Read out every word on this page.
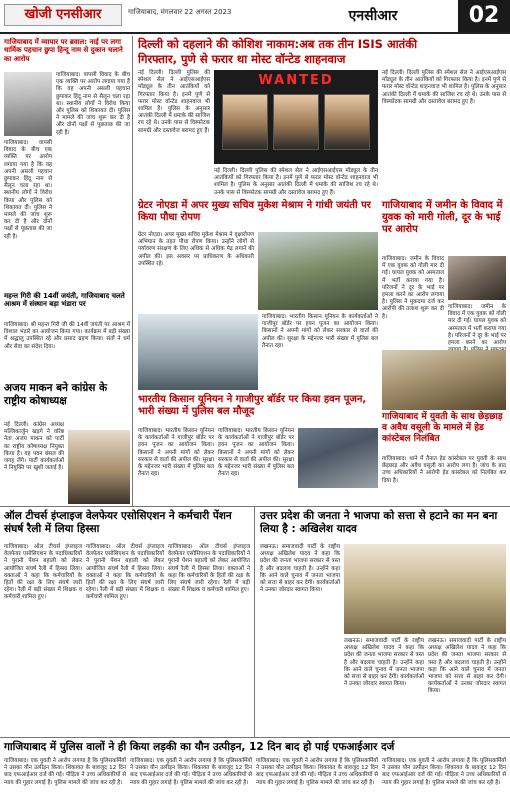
खोजी एनसीआर	गाजियाबाद, मंगलवार 22 अगस्त 2023	एनसीआर	02
गाजियाबाद में व्यापार पर ब्रवाल: नाई पर लगा धार्मिक पहचान छुपा हिन्दू नाम से दुकान चलाने का आरोप
गाजियाबाद। वापसी विवाद के बीच एक व्यक्ति पर आरोप लगाया गया है कि वह अपनी असली पहचान छुपाकर हिंदू नाम से सैलून चला रहा था। स्थानीय लोगों ने विरोध किया और पुलिस को शिकायत दी। पुलिस ने मामले की जांच शुरू कर दी है और दोनों पक्षों से पूछताछ की जा रही है।
गाजियाबाद। वापसी विवाद के बीच एक व्यक्ति पर आरोप लगाया गया है कि वह अपनी असली पहचान छुपाकर हिंदू नाम से सैलून चला रहा था। स्थानीय लोगों ने विरोध किया और पुलिस को शिकायत दी। पुलिस ने मामले की जांच शुरू कर दी है और दोनों पक्षों से पूछताछ की जा रही है।
महन्त गिरी की 14वीं जयंती, गाजियाबाद चलते आश्रम में संस्थान बड़ा भंडारा पर
गाजियाबाद। श्री महन्त गिरी जी की 14वीं जयंती पर आश्रम में विशाल भंडारे का आयोजन किया गया। कार्यक्रम में बड़ी संख्या में श्रद्धालु उपस्थित रहे और प्रसाद ग्रहण किया। संतों ने धर्म और सेवा का संदेश दिया।
अजय माकन बने कांग्रेस के राष्ट्रीय कोषाध्यक्ष
नई दिल्ली। कांग्रेस अध्यक्ष मल्लिकार्जुन खड़गे ने वरिष्ठ नेता अजय माकन को पार्टी का राष्ट्रीय कोषाध्यक्ष नियुक्त किया है। वह पवन बंसल की जगह लेंगे। पार्टी कार्यकर्ताओं ने नियुक्ति पर खुशी जताई है।
दिल्ली को दहलाने की कोशिश नाकाम:अब तक तीन ISIS आतंकी
गिरफ्तार, पुणे से फरार था मोस्ट वॉन्टेड शाहनवाज
नई दिल्ली। दिल्ली पुलिस की स्पेशल सेल ने आईएसआईएस मॉड्यूल के तीन आतंकियों को गिरफ्तार किया है। इनमें पुणे से फरार मोस्ट वॉन्टेड शाहनवाज भी शामिल है। पुलिस के अनुसार आतंकी दिल्ली में धमाके की साजिश रच रहे थे। उनके पास से विस्फोटक सामग्री और दस्तावेज बरामद हुए हैं।
WANTED
नई दिल्ली। दिल्ली पुलिस की स्पेशल सेल ने आईएसआईएस मॉड्यूल के तीन आतंकियों को गिरफ्तार किया है। इनमें पुणे से फरार मोस्ट वॉन्टेड शाहनवाज भी शामिल है। पुलिस के अनुसार आतंकी दिल्ली में धमाके की साजिश रच रहे थे। उनके पास से विस्फोटक सामग्री और दस्तावेज बरामद हुए हैं।
नई दिल्ली। दिल्ली पुलिस की स्पेशल सेल ने आईएसआईएस मॉड्यूल के तीन आतंकियों को गिरफ्तार किया है। इनमें पुणे से फरार मोस्ट वॉन्टेड शाहनवाज भी शामिल है। पुलिस के अनुसार आतंकी दिल्ली में धमाके की साजिश रच रहे थे। उनके पास से विस्फोटक सामग्री और दस्तावेज बरामद हुए हैं।
ग्रेटर नोएडा में अपर मुख्य सचिव मुकेश मेश्राम ने गांधी जयंती पर किया पौधा रोपण
ग्रेटर नोएडा। अपर मुख्य सचिव मुकेश मेश्राम ने वृक्षारोपण अभियान के तहत पौधा रोपण किया। उन्होंने लोगों से पर्यावरण संरक्षण के लिए अधिक से अधिक पेड़ लगाने की अपील की। इस अवसर पर प्राधिकरण के अधिकारी उपस्थित रहे।
गाजियाबाद में जमीन के विवाद में युवक को मारी गोली, दूर के भाई पर आरोप
गाजियाबाद। जमीन के विवाद में एक युवक को गोली मार दी गई। घायल युवक को अस्पताल में भर्ती कराया गया है। परिजनों ने दूर के भाई पर हमला करने का आरोप लगाया है। पुलिस ने मुकदमा दर्ज कर आरोपी की तलाश शुरू कर दी है।
गाजियाबाद। जमीन के विवाद में एक युवक को गोली मार दी गई। घायल युवक को अस्पताल में भर्ती कराया गया है। परिजनों ने दूर के भाई पर हमला करने का आरोप
गाजियाबाद। भारतीय किसान यूनियन के कार्यकर्ताओं ने गाजीपुर बॉर्डर पर हवन पूजन का आयोजन किया। किसानों ने अपनी मांगों को लेकर सरकार से वार्ता की अपील की। सुरक्षा के मद्देनजर भारी संख्या में पुलिस बल तैनात रहा।
भारतीय किसान यूनियन ने गाजीपुर बॉर्डर पर किया हवन पूजन, भारी संख्या में पुलिस बल मौजूद
गाजियाबाद। भारतीय किसान यूनियन के कार्यकर्ताओं ने गाजीपुर बॉर्डर पर हवन पूजन का आयोजन किया। किसानों ने अपनी मांगों को लेकर सरकार से वार्ता की अपील की। सुरक्षा के मद्देनजर भारी संख्या में पुलिस बल तैनात रहा।
गाजियाबाद। भारतीय किसान यूनियन के कार्यकर्ताओं ने गाजीपुर बॉर्डर पर हवन पूजन का आयोजन किया। किसानों ने अपनी मांगों को लेकर सरकार से वार्ता की अपील की। सुरक्षा के मद्देनजर भारी संख्या में पुलिस बल तैनात रहा।
गाजियाबाद में युवती के साथ छेड़छाड़ व अवैध वसूली के मामले में हेड कांस्टेबल निलंबित
गाजियाबाद। थाने में तैनात हेड कांस्टेबल पर युवती के साथ छेड़छाड़ और अवैध वसूली का आरोप लगा है। जांच के बाद उच्च अधिकारियों ने आरोपी हेड कांस्टेबल को निलंबित कर दिया है।
ऑल टीचर्स इंप्लाइज वेलफेयर एसोसिएशन ने कर्मचारी पेंशन संघर्ष रैली में लिया हिस्सा
गाजियाबाद। ऑल टीचर्स इंप्लाइज वेलफेयर एसोसिएशन के पदाधिकारियों ने पुरानी पेंशन बहाली को लेकर आयोजित संघर्ष रैली में हिस्सा लिया। वक्ताओं ने कहा कि कर्मचारियों के हितों की रक्षा के लिए संघर्ष जारी रहेगा। रैली में बड़ी संख्या में शिक्षक व कर्मचारी शामिल हुए।
गाजियाबाद। ऑल टीचर्स इंप्लाइज वेलफेयर एसोसिएशन के पदाधिकारियों ने पुरानी पेंशन बहाली को लेकर आयोजित संघर्ष रैली में हिस्सा लिया। वक्ताओं ने कहा कि कर्मचारियों के हितों की रक्षा के लिए संघर्ष जारी रहेगा। रैली में बड़ी संख्या में शिक्षक व कर्मचारी शामिल हुए।
गाजियाबाद। ऑल टीचर्स इंप्लाइज वेलफेयर एसोसिएशन के पदाधिकारियों ने पुरानी पेंशन बहाली को लेकर आयोजित संघर्ष रैली में हिस्सा लिया। वक्ताओं ने कहा कि कर्मचारियों के हितों की रक्षा के लिए संघर्ष जारी रहेगा। रैली में बड़ी संख्या में शिक्षक व कर्मचारी शामिल हुए।
उत्तर प्रदेश की जनता ने भाजपा को सत्ता से हटाने का मन बना लिया है : अखिलेश यादव
लखनऊ। समाजवादी पार्टी के राष्ट्रीय अध्यक्ष अखिलेश यादव ने कहा कि प्रदेश की जनता भाजपा सरकार से त्रस्त है और बदलाव चाहती है। उन्होंने कहा कि आने वाले चुनाव में जनता भाजपा को सत्ता से बाहर कर देगी। कार्यकर्ताओं ने उनका जोरदार स्वागत किया।
लखनऊ। समाजवादी पार्टी के राष्ट्रीय अध्यक्ष अखिलेश यादव ने कहा कि प्रदेश की जनता भाजपा सरकार से त्रस्त है और बदलाव चाहती है। उन्होंने कहा कि आने वाले चुनाव में जनता भाजपा को सत्ता से बाहर कर देगी। कार्यकर्ताओं ने उनका जोरदार स्वागत किया।
लखनऊ। समाजवादी पार्टी के राष्ट्रीय अध्यक्ष अखिलेश यादव ने कहा कि प्रदेश की जनता भाजपा सरकार से त्रस्त है और बदलाव चाहती है। उन्होंने कहा कि आने वाले चुनाव में जनता भाजपा को सत्ता से बाहर कर देगी। कार्यकर्ताओं ने उनका जोरदार स्वागत किया।
गाजियाबाद में पुलिस वालों ने ही किया लड़की का यौन उत्पीड़न, 12 दिन बाद हो पाई एफआईआर दर्ज
गाजियाबाद। एक युवती ने आरोप लगाया है कि पुलिसकर्मियों ने उसका यौन उत्पीड़न किया। शिकायत के बावजूद 12 दिन बाद एफआईआर दर्ज की गई। पीड़िता ने उच्च अधिकारियों से न्याय की गुहार लगाई है। पुलिस मामले की जांच कर रही है।
गाजियाबाद। एक युवती ने आरोप लगाया है कि पुलिसकर्मियों ने उसका यौन उत्पीड़न किया। शिकायत के बावजूद 12 दिन बाद एफआईआर दर्ज की गई। पीड़िता ने उच्च अधिकारियों से न्याय की गुहार लगाई है। पुलिस मामले की जांच कर रही है।
गाजियाबाद। एक युवती ने आरोप लगाया है कि पुलिसकर्मियों ने उसका यौन उत्पीड़न किया। शिकायत के बावजूद 12 दिन बाद एफआईआर दर्ज की गई। पीड़िता ने उच्च अधिकारियों से न्याय की गुहार लगाई है। पुलिस मामले की जांच कर रही है।
गाजियाबाद। एक युवती ने आरोप लगाया है कि पुलिसकर्मियों ने उसका यौन उत्पीड़न किया। शिकायत के बावजूद 12 दिन बाद एफआईआर दर्ज की गई। पीड़िता ने उच्च अधिकारियों से न्याय की गुहार लगाई है। पुलिस मामले की जांच कर रही है।
